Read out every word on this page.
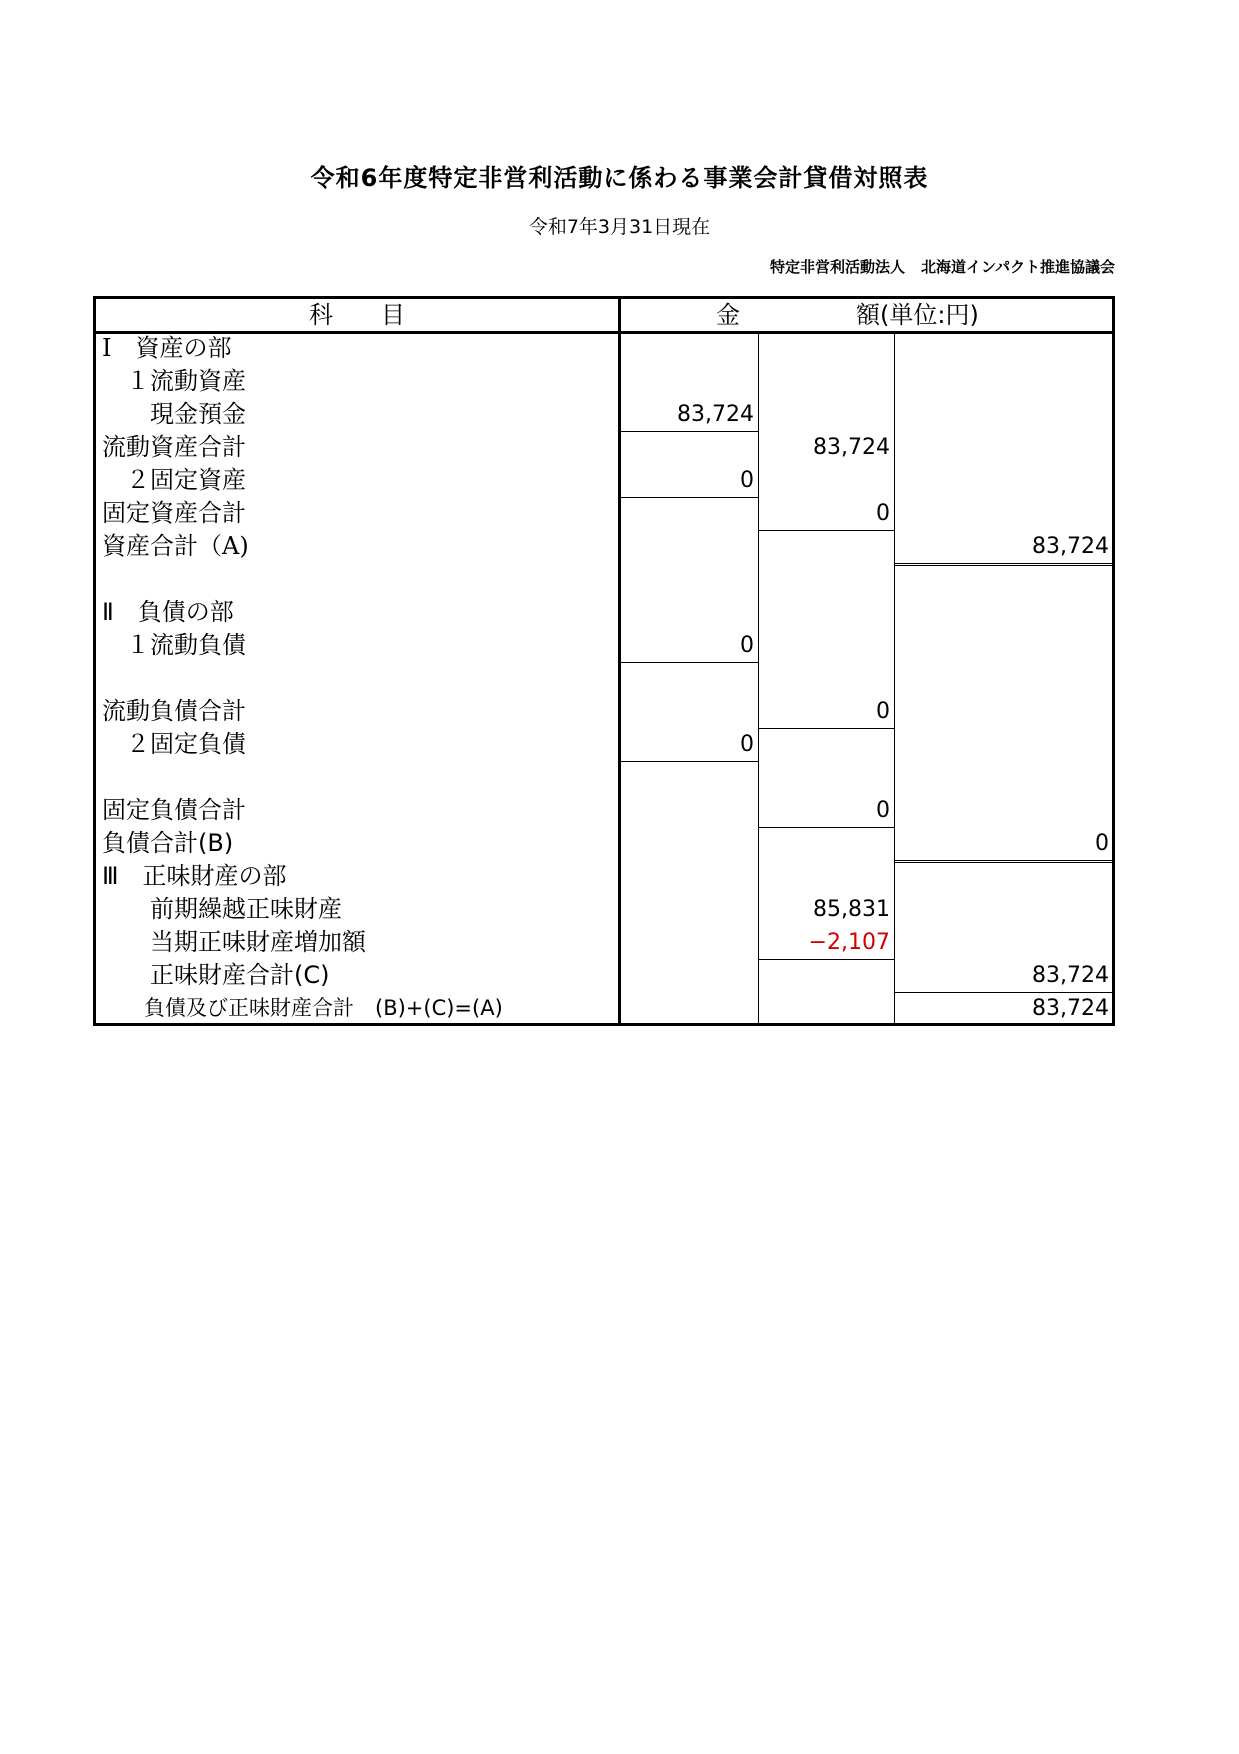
令和6年度特定非営利活動に係わる事業会計貸借対照表
令和7年3月31日現在
特定非営利活動法人 北海道インパクト推進協議会
科　　目	金	額(単位:円)
Ⅰ　資産の部
　１流動資産
　　現金預金
流動資産合計
　２固定資産
固定資産合計
資産合計（A)
Ⅱ　負債の部
　１流動負債
流動負債合計
　２固定負債
固定負債合計
負債合計(B)
Ⅲ　正味財産の部
　　前期繰越正味財産
　　当期正味財産増加額
　　正味財産合計(C)
　　負債及び正味財産合計　(B)+(C)=(A)
83,724
0
0
0
83,724
0
0
0
85,831
−2,107
83,724
0
83,724
83,724
